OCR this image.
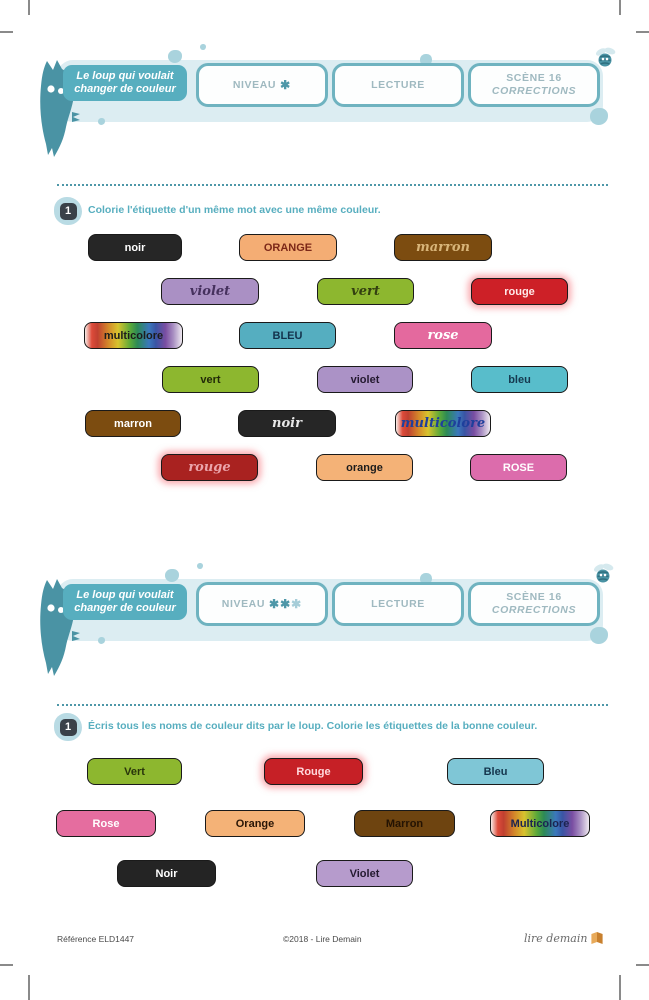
Le loup qui voulait
changer de couleur	NIVEAU ✱	LECTURE
SCÈNE 16
CORRECTIONS
1	Colorie l'étiquette d'un même mot avec une même couleur.
noir	ORANGE	marron
violet	vert	rouge
multicolore	BLEU	rose
vert	violet	bleu
marron	noir	multicolore
rouge	orange	ROSE
Le loup qui voulait
changer de couleur	NIVEAU ✱✱✱	LECTURE
SCÈNE 16
CORRECTIONS
1	Écris tous les noms de couleur dits par le loup. Colorie les étiquettes de la bonne couleur.
Vert	Rouge	Bleu
Rose	Orange	Marron	Multicolore
Noir	Violet
Référence ELD1447	©2018 - Lire Demain	lire demain
